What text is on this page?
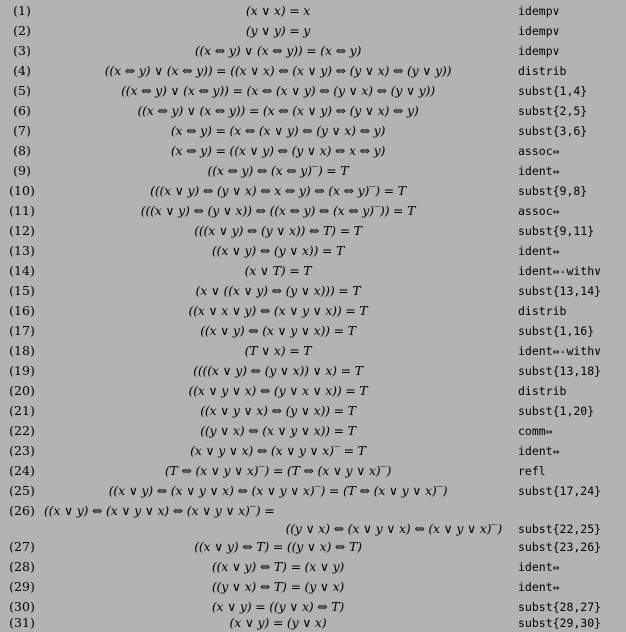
(1)	(x ∨ x) = x	idemp∨
(2)	(y ∨ y) = y	idemp∨
(3)	((x ⇔ y) ∨ (x ⇔ y)) = (x ⇔ y)	idemp∨
(4)	((x ⇔ y) ∨ (x ⇔ y)) = ((x ∨ x) ⇔ (x ∨ y) ⇔ (y ∨ x) ⇔ (y ∨ y))	distrib
(5)	((x ⇔ y) ∨ (x ⇔ y)) = (x ⇔ (x ∨ y) ⇔ (y ∨ x) ⇔ (y ∨ y))	subst{1,4}
(6)	((x ⇔ y) ∨ (x ⇔ y)) = (x ⇔ (x ∨ y) ⇔ (y ∨ x) ⇔ y)	subst{2,5}
(7)	(x ⇔ y) = (x ⇔ (x ∨ y) ⇔ (y ∨ x) ⇔ y)	subst{3,6}
(8)	(x ⇔ y) = ((x ∨ y) ⇔ (y ∨ x) ⇔ x ⇔ y)	assoc⇔
(9)	((x ⇔ y) ⇔ (x ⇔ y)‾) = T	ident⇔
(10)	(((x ∨ y) ⇔ (y ∨ x) ⇔ x ⇔ y) ⇔ (x ⇔ y)‾) = T	subst{9,8}
(11)	(((x ∨ y) ⇔ (y ∨ x)) ⇔ ((x ⇔ y) ⇔ (x ⇔ y)‾)) = T	assoc⇔
(12)	(((x ∨ y) ⇔ (y ∨ x)) ⇔ T) = T	subst{9,11}
(13)	((x ∨ y) ⇔ (y ∨ x)) = T	ident⇔
(14)	(x ∨ T) = T	ident⇔-with∨
(15)	(x ∨ ((x ∨ y) ⇔ (y ∨ x))) = T	subst{13,14}
(16)	((x ∨ x ∨ y) ⇔ (x ∨ y ∨ x)) = T	distrib
(17)	((x ∨ y) ⇔ (x ∨ y ∨ x)) = T	subst{1,16}
(18)	(T ∨ x) = T	ident⇔-with∨
(19)	((((x ∨ y) ⇔ (y ∨ x)) ∨ x) = T	subst{13,18}
(20)	((x ∨ y ∨ x) ⇔ (y ∨ x ∨ x)) = T	distrib
(21)	((x ∨ y ∨ x) ⇔ (y ∨ x)) = T	subst{1,20}
(22)	((y ∨ x) ⇔ (x ∨ y ∨ x)) = T	comm⇔
(23)	(x ∨ y ∨ x) ⇔ (x ∨ y ∨ x)‾ = T	ident⇔
(24)	(T ⇔ (x ∨ y ∨ x)‾) = (T ⇔ (x ∨ y ∨ x)‾)	refl
(25)	((x ∨ y) ⇔ (x ∨ y ∨ x) ⇔ (x ∨ y ∨ x)‾) = (T ⇔ (x ∨ y ∨ x)‾)	subst{17,24}
(26) ((x ∨ y) ⇔ (x ∨ y ∨ x) ⇔ (x ∨ y ∨ x)‾) =
((y ∨ x) ⇔ (x ∨ y ∨ x) ⇔ (x ∨ y ∨ x)‾) subst{22,25}
(27)	((x ∨ y) ⇔ T) = ((y ∨ x) ⇔ T)	subst{23,26}
(28)	((x ∨ y) ⇔ T) = (x ∨ y)	ident⇔
(29)	((y ∨ x) ⇔ T) = (y ∨ x)	ident⇔
(30)	(x ∨ y) = ((y ∨ x) ⇔ T)	subst{28,27}
(31)	(x ∨ y) = (y ∨ x)	subst{29,30}
